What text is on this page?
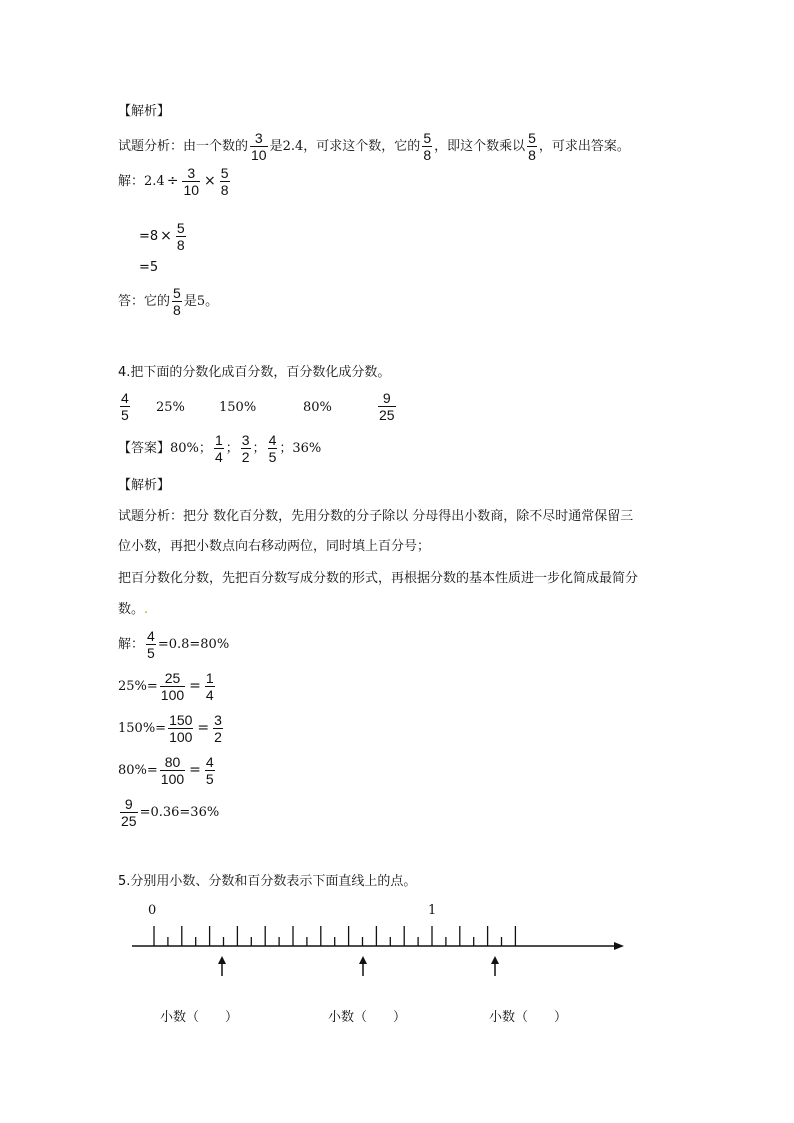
【解析】
试题分析：由一个数的 $\frac{3}{10}$ 是2.4，可求这个数，它的 $\frac{5}{8}$ ，即这个数乘以 $\frac{5}{8}$ ，可求出答案。
解：$2.4 \div \frac{3}{10} \times \frac{5}{8}$
$=8 \times \frac{5}{8}$
=5
答：它的 $\frac{5}{8}$ 是5。
4.把下面的分数化成百分数，百分数化成分数。
$\frac{4}{5} 25\%$	150%	80%	$\frac{9}{25}$
【答案】80%； $\frac{1}{4}$ ； $\frac{3}{2}$ ； $\frac{4}{5}$ ；36%
【解析】
试题分析：把分 数化百分数，先用分数的分子除以 分母得出小数商，除不尽时通常保留三
位小数，再把小数点向右移动两位，同时填上百分号；
把百分数化分数，先把百分数写成分数的形式，再根据分数的基本性质进一步化简成最简分
数。.
解： $\frac{4}{5} =0.8=80\%$
$25\%= \frac{25}{100} = \frac{1}{4}$
$150\%= \frac{150}{100} = \frac{3}{2}$
$80\%= \frac{80}{100} = \frac{4}{5}$
$\frac{9}{25} =0.36=36\%$
5.分别用小数、分数和百分数表示下面直线上的点。
0	1
小数（　　）	小数（　　）	小数（　　）
